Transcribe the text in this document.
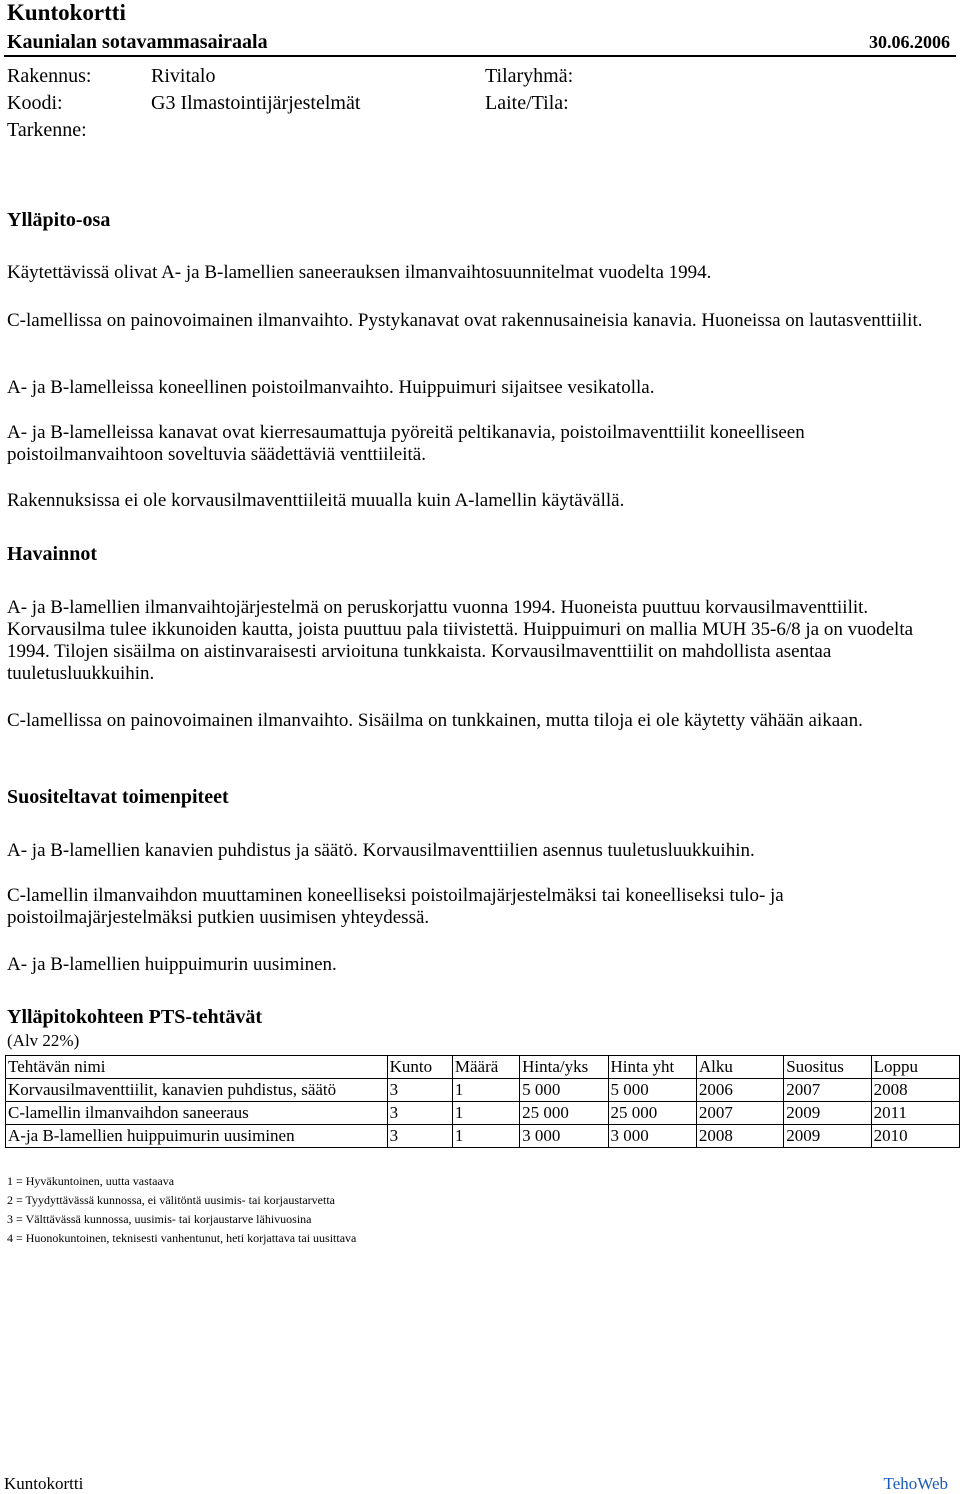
Kuntokortti
Kaunialan sotavammasairaala	30.06.2006
Rakennus:	Rivitalo	Tilaryhmä:
Koodi:	G3 Ilmastointijärjestelmät	Laite/Tila:
Tarkenne:
Ylläpito-osa

Käytettävissä olivat A- ja B-lamellien saneerauksen ilmanvaihtosuunnitelmat vuodelta 1994.

C-lamellissa on painovoimainen ilmanvaihto. Pystykanavat ovat rakennusaineisia kanavia. Huoneissa on lautasventtiilit.

A- ja B-lamelleissa koneellinen poistoilmanvaihto. Huippuimuri sijaitsee vesikatolla.

A- ja B-lamelleissa kanavat ovat kierresaumattuja pyöreitä peltikanavia, poistoilmaventtiilit koneelliseen poistoilmanvaihtoon soveltuvia säädettäviä venttiileitä.

Rakennuksissa ei ole korvausilmaventtiileitä muualla kuin A-lamellin käytävällä.

Havainnot

A- ja B-lamellien ilmanvaihtojärjestelmä on peruskorjattu vuonna 1994. Huoneista puuttuu korvausilmaventtiilit. Korvausilma tulee ikkunoiden kautta, joista puuttuu pala tiivistettä. Huippuimuri on mallia MUH 35-6/8 ja on vuodelta 1994. Tilojen sisäilma on aistinvaraisesti arvioituna tunkkaista. Korvausilmaventtiilit on mahdollista asentaa tuuletusluukkuihin.

C-lamellissa on painovoimainen ilmanvaihto. Sisäilma on tunkkainen, mutta tiloja ei ole käytetty vähään aikaan.

Suositeltavat toimenpiteet

A- ja B-lamellien kanavien puhdistus ja säätö. Korvausilmaventtiilien asennus tuuletusluukkuihin.

C-lamellin ilmanvaihdon muuttaminen koneelliseksi poistoilmajärjestelmäksi tai koneelliseksi tulo- ja poistoilmajärjestelmäksi putkien uusimisen yhteydessä.

A- ja B-lamellien huippuimurin uusiminen.

Ylläpitokohteen PTS-tehtävät
(Alv 22%)
Tehtävän nimi	Kunto	Määrä	Hinta/yks	Hinta yht	Alku	Suositus	Loppu
Korvausilmaventtiilit, kanavien puhdistus, säätö	3	1	5 000	5 000	2006	2007	2008
C-lamellin ilmanvaihdon saneeraus	3	1	25 000	25 000	2007	2009	2011
A-ja B-lamellien huippuimurin uusiminen	3	1	3 000	3 000	2008	2009	2010
1 = Hyväkuntoinen, uutta vastaava
2 = Tyydyttävässä kunnossa, ei välitöntä uusimis- tai korjaustarvetta
3 = Välttävässä kunnossa, uusimis- tai korjaustarve lähivuosina
4 = Huonokuntoinen, teknisesti vanhentunut, heti korjattava tai uusittava
Kuntokortti	TehoWeb
